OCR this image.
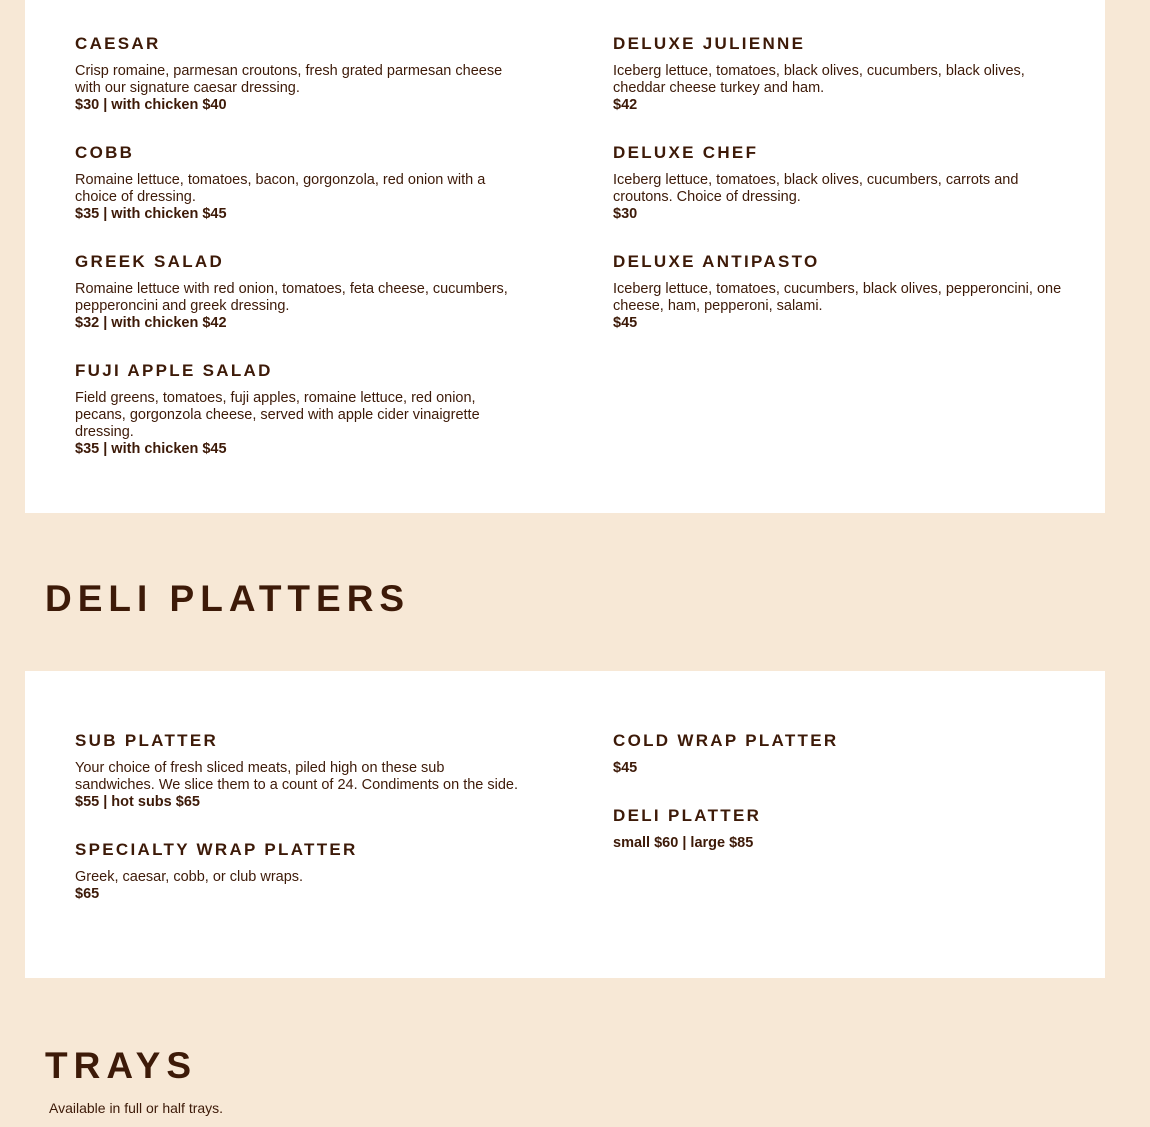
CAESAR

Crisp romaine, parmesan croutons, fresh grated parmesan cheese with our signature caesar dressing.

$30 | with chicken $40

COBB

Romaine lettuce, tomatoes, bacon, gorgonzola, red onion with a choice of dressing.

$35 | with chicken $45

GREEK SALAD

Romaine lettuce with red onion, tomatoes, feta cheese, cucumbers, pepperoncini and greek dressing.

$32 | with chicken $42

FUJI APPLE SALAD

Field greens, tomatoes, fuji apples, romaine lettuce, red onion, pecans, gorgonzola cheese, served with apple cider vinaigrette dressing.

$35 | with chicken $45

DELUXE JULIENNE

Iceberg lettuce, tomatoes, black olives, cucumbers, black olives, cheddar cheese turkey and ham.

$42

DELUXE CHEF

Iceberg lettuce, tomatoes, black olives, cucumbers, carrots and croutons. Choice of dressing.

$30

DELUXE ANTIPASTO

Iceberg lettuce, tomatoes, cucumbers, black olives, pepperoncini, one cheese, ham, pepperoni, salami.

$45

DELI PLATTERS
SUB PLATTER

Your choice of fresh sliced meats, piled high on these sub sandwiches. We slice them to a count of 24. Condiments on the side.

$55 | hot subs $65

SPECIALTY WRAP PLATTER

Greek, caesar, cobb, or club wraps.

$65

COLD WRAP PLATTER

$45

DELI PLATTER

small $60 | large $85

TRAYS

Available in full or half trays.
